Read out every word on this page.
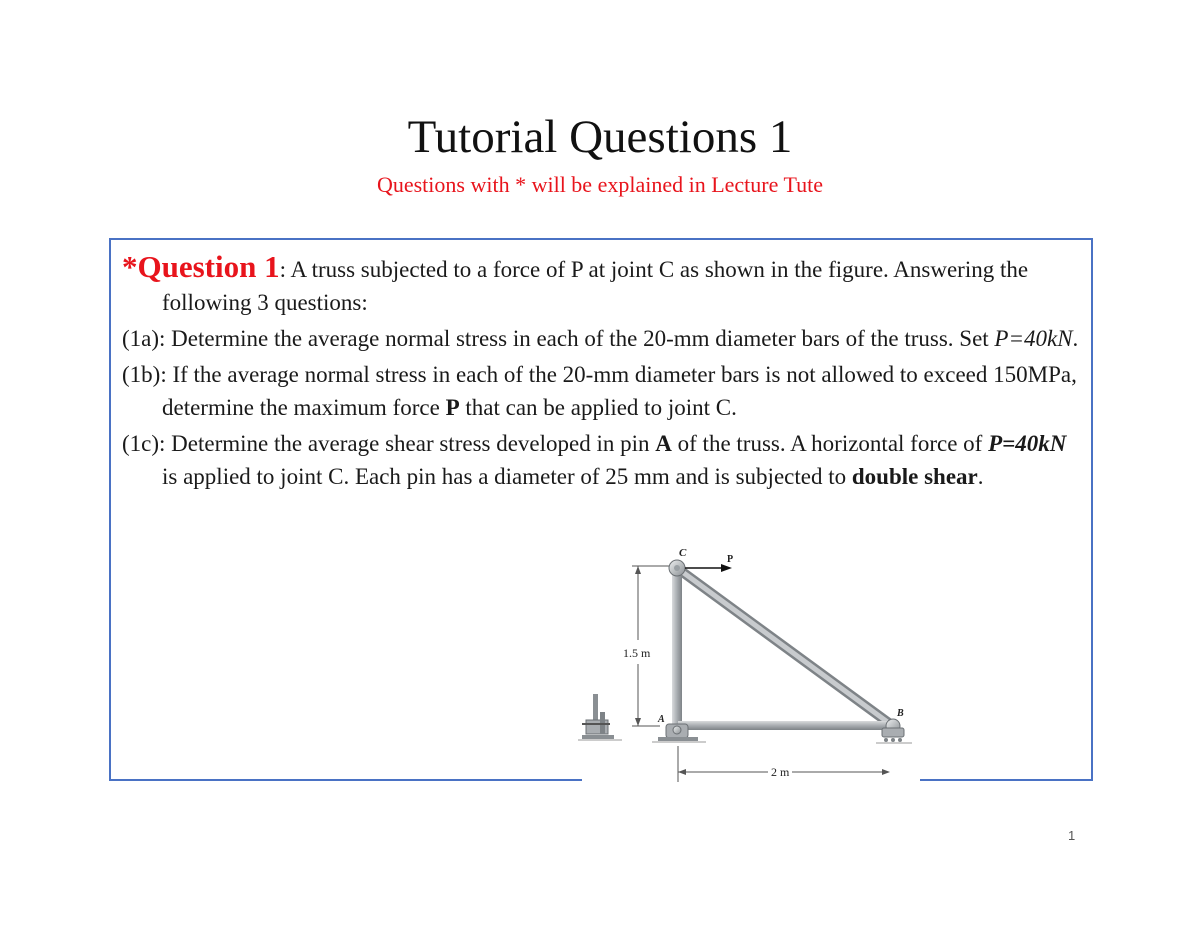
Tutorial Questions 1
Questions with * will be explained in Lecture Tute

*Question 1: A truss subjected to a force of P at joint C as shown in the figure. Answering the following 3 questions:

(1a): Determine the average normal stress in each of the 20-mm diameter bars of the truss. Set P=40kN.

(1b): If the average normal stress in each of the 20-mm diameter bars is not allowed to exceed 150MPa, determine the maximum force P that can be applied to joint C.

(1c): Determine the average shear stress developed in pin A of the truss. A horizontal force of P=40kN is applied to joint C. Each pin has a diameter of 25 mm and is subjected to double shear.

1.5 m
C
P
A
B
2 m
1
